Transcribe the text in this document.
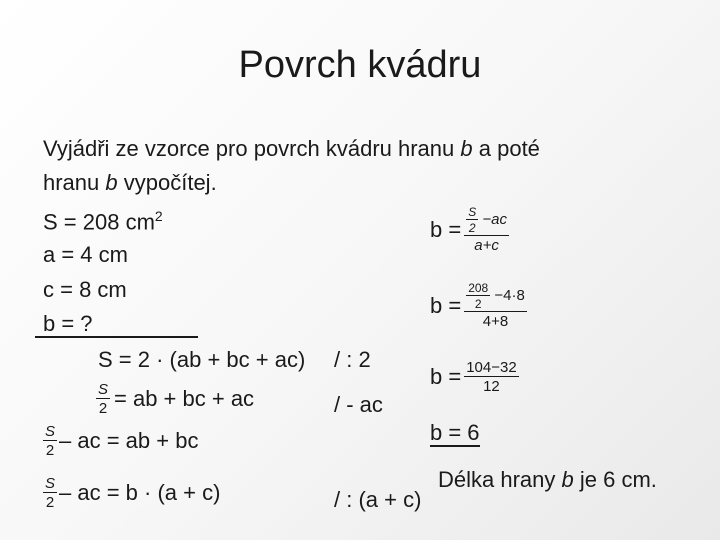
Povrch kvádru
Vyjádři ze vzorce pro povrch kvádru hranu b a poté
hranu b vypočítej.
S = 208 $cm^2$
a = 4 cm
c = 8 cm
b = ?
S = 2 · (ab + bc + ac) / : 2
$\frac{S}{2}$ = ab + bc + ac	/ - ac
$\frac{S}{2}$ – ac = ab + bc
$\frac{S}{2}$ – ac = b · (a + c)	/ : (a + c)
$b = \frac{\frac{S}{2} -ac}{a+c}$
$b = \frac{\frac{208}{2} -4\cdot 8}{4+8}$
$b = \frac{104-32}{12}$
b = 6
Délka hrany b je 6 cm.
